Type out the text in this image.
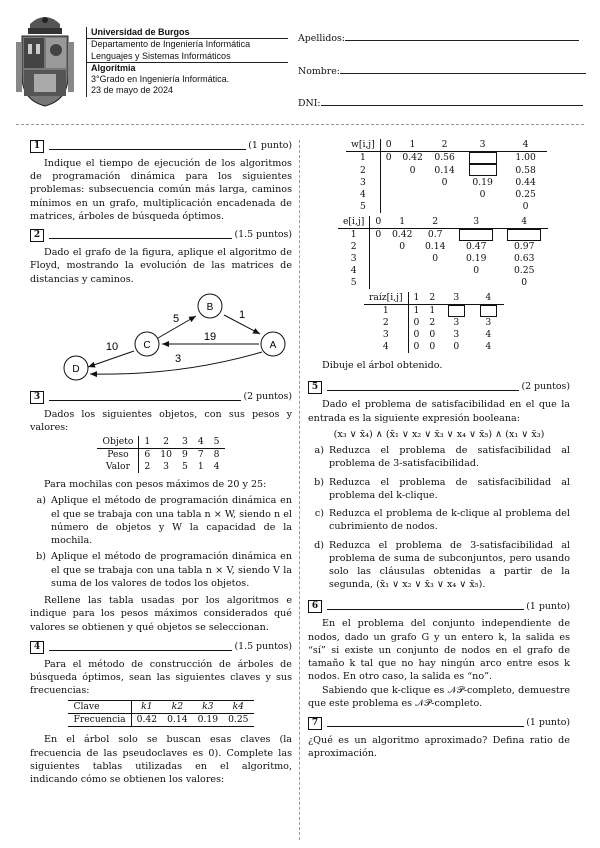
Universidad de Burgos
Departamento de Ingeniería Informática
Lenguajes y Sistemas Informáticos
Algoritmia
3°Grado en Ingeniería Informática.
23 de mayo de 2024
Apellidos:
Nombre:
DNI:
1	(1 punto)

Indique el tiempo de ejecución de los algoritmos de programación dinámica para los siguientes problemas: subsecuencia común más larga, caminos mínimos en un grafo, multiplicación encadenada de matrices, árboles de búsqueda óptimos.

2	(1.5 puntos)

Dado el grafo de la figura, aplique el algoritmo de Floyd, mostrando la evolución de las matrices de distancias y caminos.

B
C	A
D
5	1
19
10
3
3	(2 puntos)

Dados los siguientes objetos, con sus pesos y valores:

Objeto	1	2	3	4	5
Peso	6	10	9	7	8
Valor	2	3	5	1	4

Para mochilas con pesos máximos de 20 y 25:

a) Aplique el método de programación dinámica en el que se trabaja con una tabla n × W, siendo n el número de objetos y W la capacidad de la mochila.
b) Aplique el método de programación dinámica en el que se trabaja con una tabla n × V, siendo V la suma de los valores de todos los objetos.

Rellene las tabla usadas por los algoritmos e indique para los pesos máximos considerados qué valores se obtienen y qué objetos se seleccionan.

4	(1.5 puntos)

Para el método de construcción de árboles de búsqueda óptimos, sean las siguientes claves y sus frecuencias:

Clave	k1	k2	k3	k4
Frecuencia	0.42	0.14	0.19	0.25

En el árbol solo se buscan esas claves (la frecuencia de las pseudoclaves es 0). Complete las siguientes tablas utilizadas en el algoritmo, indicando cómo se obtienen los valores:

w[i,j]	0	1	2	3	4
1	0	0.42	0.56		1.00
2		0	0.14		0.58
3			0	0.19	0.44
4				0	0.25
5					0
e[i,j]	0	1	2	3	4
1	0	0.42	0.7		
2		0	0.14	0.47	0.97
3			0	0.19	0.63
4				0	0.25
5					0
raíz[i,j]	1	2	3	4
1	1	1		
2	0	2	3	3
3	0	0	3	4
4	0	0	0	4

Dibuje el árbol obtenido.

5	(2 puntos)

Dado el problema de satisfacibilidad en el que la entrada es la siguiente expresión booleana:

(x₃ ∨ x̄₄) ∧ (x̄₁ ∨ x₂ ∨ x̄₃ ∨ x₄ ∨ x̄₅) ∧ (x₁ ∨ x̄₃)

a) Reduzca el problema de satisfacibilidad al problema de 3-satisfacibilidad.
b) Reduzca el problema de satisfacibilidad al problema del k-clique.
c) Reduzca el problema de k-clique al problema del cubrimiento de nodos.
d) Reduzca el problema de 3-satisfacibilidad al problema de suma de subconjuntos, pero usando solo las cláusulas obtenidas a partir de la segunda, (x̄₁ ∨ x₂ ∨ x̄₃ ∨ x₄ ∨ x̄₅).
6	(1 punto)

En el problema del conjunto independiente de nodos, dado un grafo G y un entero k, la salida es “sí” si existe un conjunto de nodos en el grafo de tamaño k tal que no hay ningún arco entre esos k nodos. En otro caso, la salida es “no”.

Sabiendo que k-clique es 𝒩𝒫-completo, demuestre que este problema es 𝒩𝒫-completo.

7	(1 punto)

¿Qué es un algoritmo aproximado? Defina ratio de aproximación.
